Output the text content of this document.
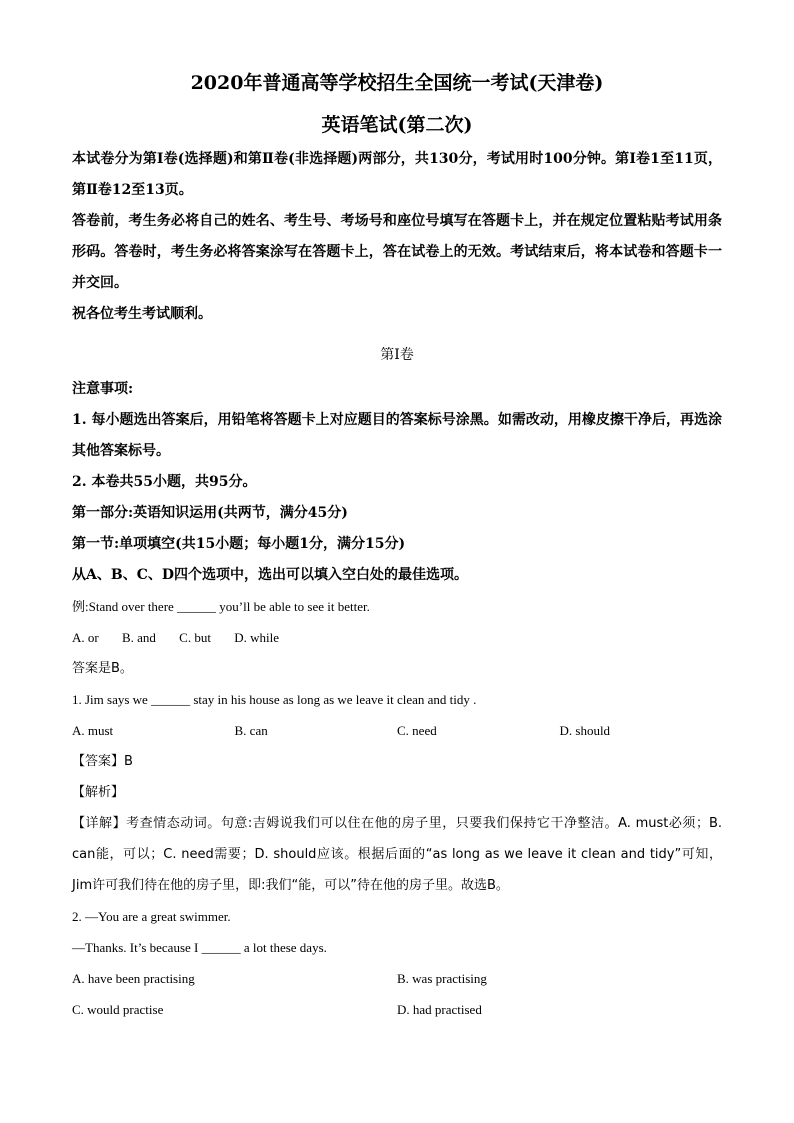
2020年普通高等学校招生全国统一考试(天津卷)
英语笔试(第二次)
本试卷分为第Ⅰ卷(选择题)和第Ⅱ卷(非选择题)两部分，共130分，考试用时100分钟。第Ⅰ卷1至11页，第Ⅱ卷12至13页。
答卷前，考生务必将自己的姓名、考生号、考场号和座位号填写在答题卡上，并在规定位置粘贴考试用条形码。答卷时，考生务必将答案涂写在答题卡上，答在试卷上的无效。考试结束后，将本试卷和答题卡一并交回。
祝各位考生考试顺利。
第Ⅰ卷
注意事项:
1. 每小题选出答案后，用铅笔将答题卡上对应题目的答案标号涂黑。如需改动，用橡皮擦干净后，再选涂其他答案标号。
2. 本卷共55小题，共95分。
第一部分:英语知识运用(共两节，满分45分)
第一节:单项填空(共15小题；每小题1分，满分15分)
从A、B、C、D四个选项中，选出可以填入空白处的最佳选项。
例:Stand over there ______ you’ll be able to see it better.
A. or B. and C. but D. while
答案是B。
1. Jim says we ______ stay in his house as long as we leave it clean and tidy .
A. must	B. can	C. need	D. should
【答案】B
【解析】
【详解】考查情态动词。句意:吉姆说我们可以住在他的房子里，只要我们保持它干净整洁。A. must必须；B. can能，可以；C. need需要；D. should应该。根据后面的“as long as we leave it clean and tidy”可知，Jim许可我们待在他的房子里，即:我们“能，可以”待在他的房子里。故选B。
2. —You are a great swimmer.
—Thanks. It’s because I ______ a lot these days.
A. have been practising	B. was practising
C. would practise	D. had practised
